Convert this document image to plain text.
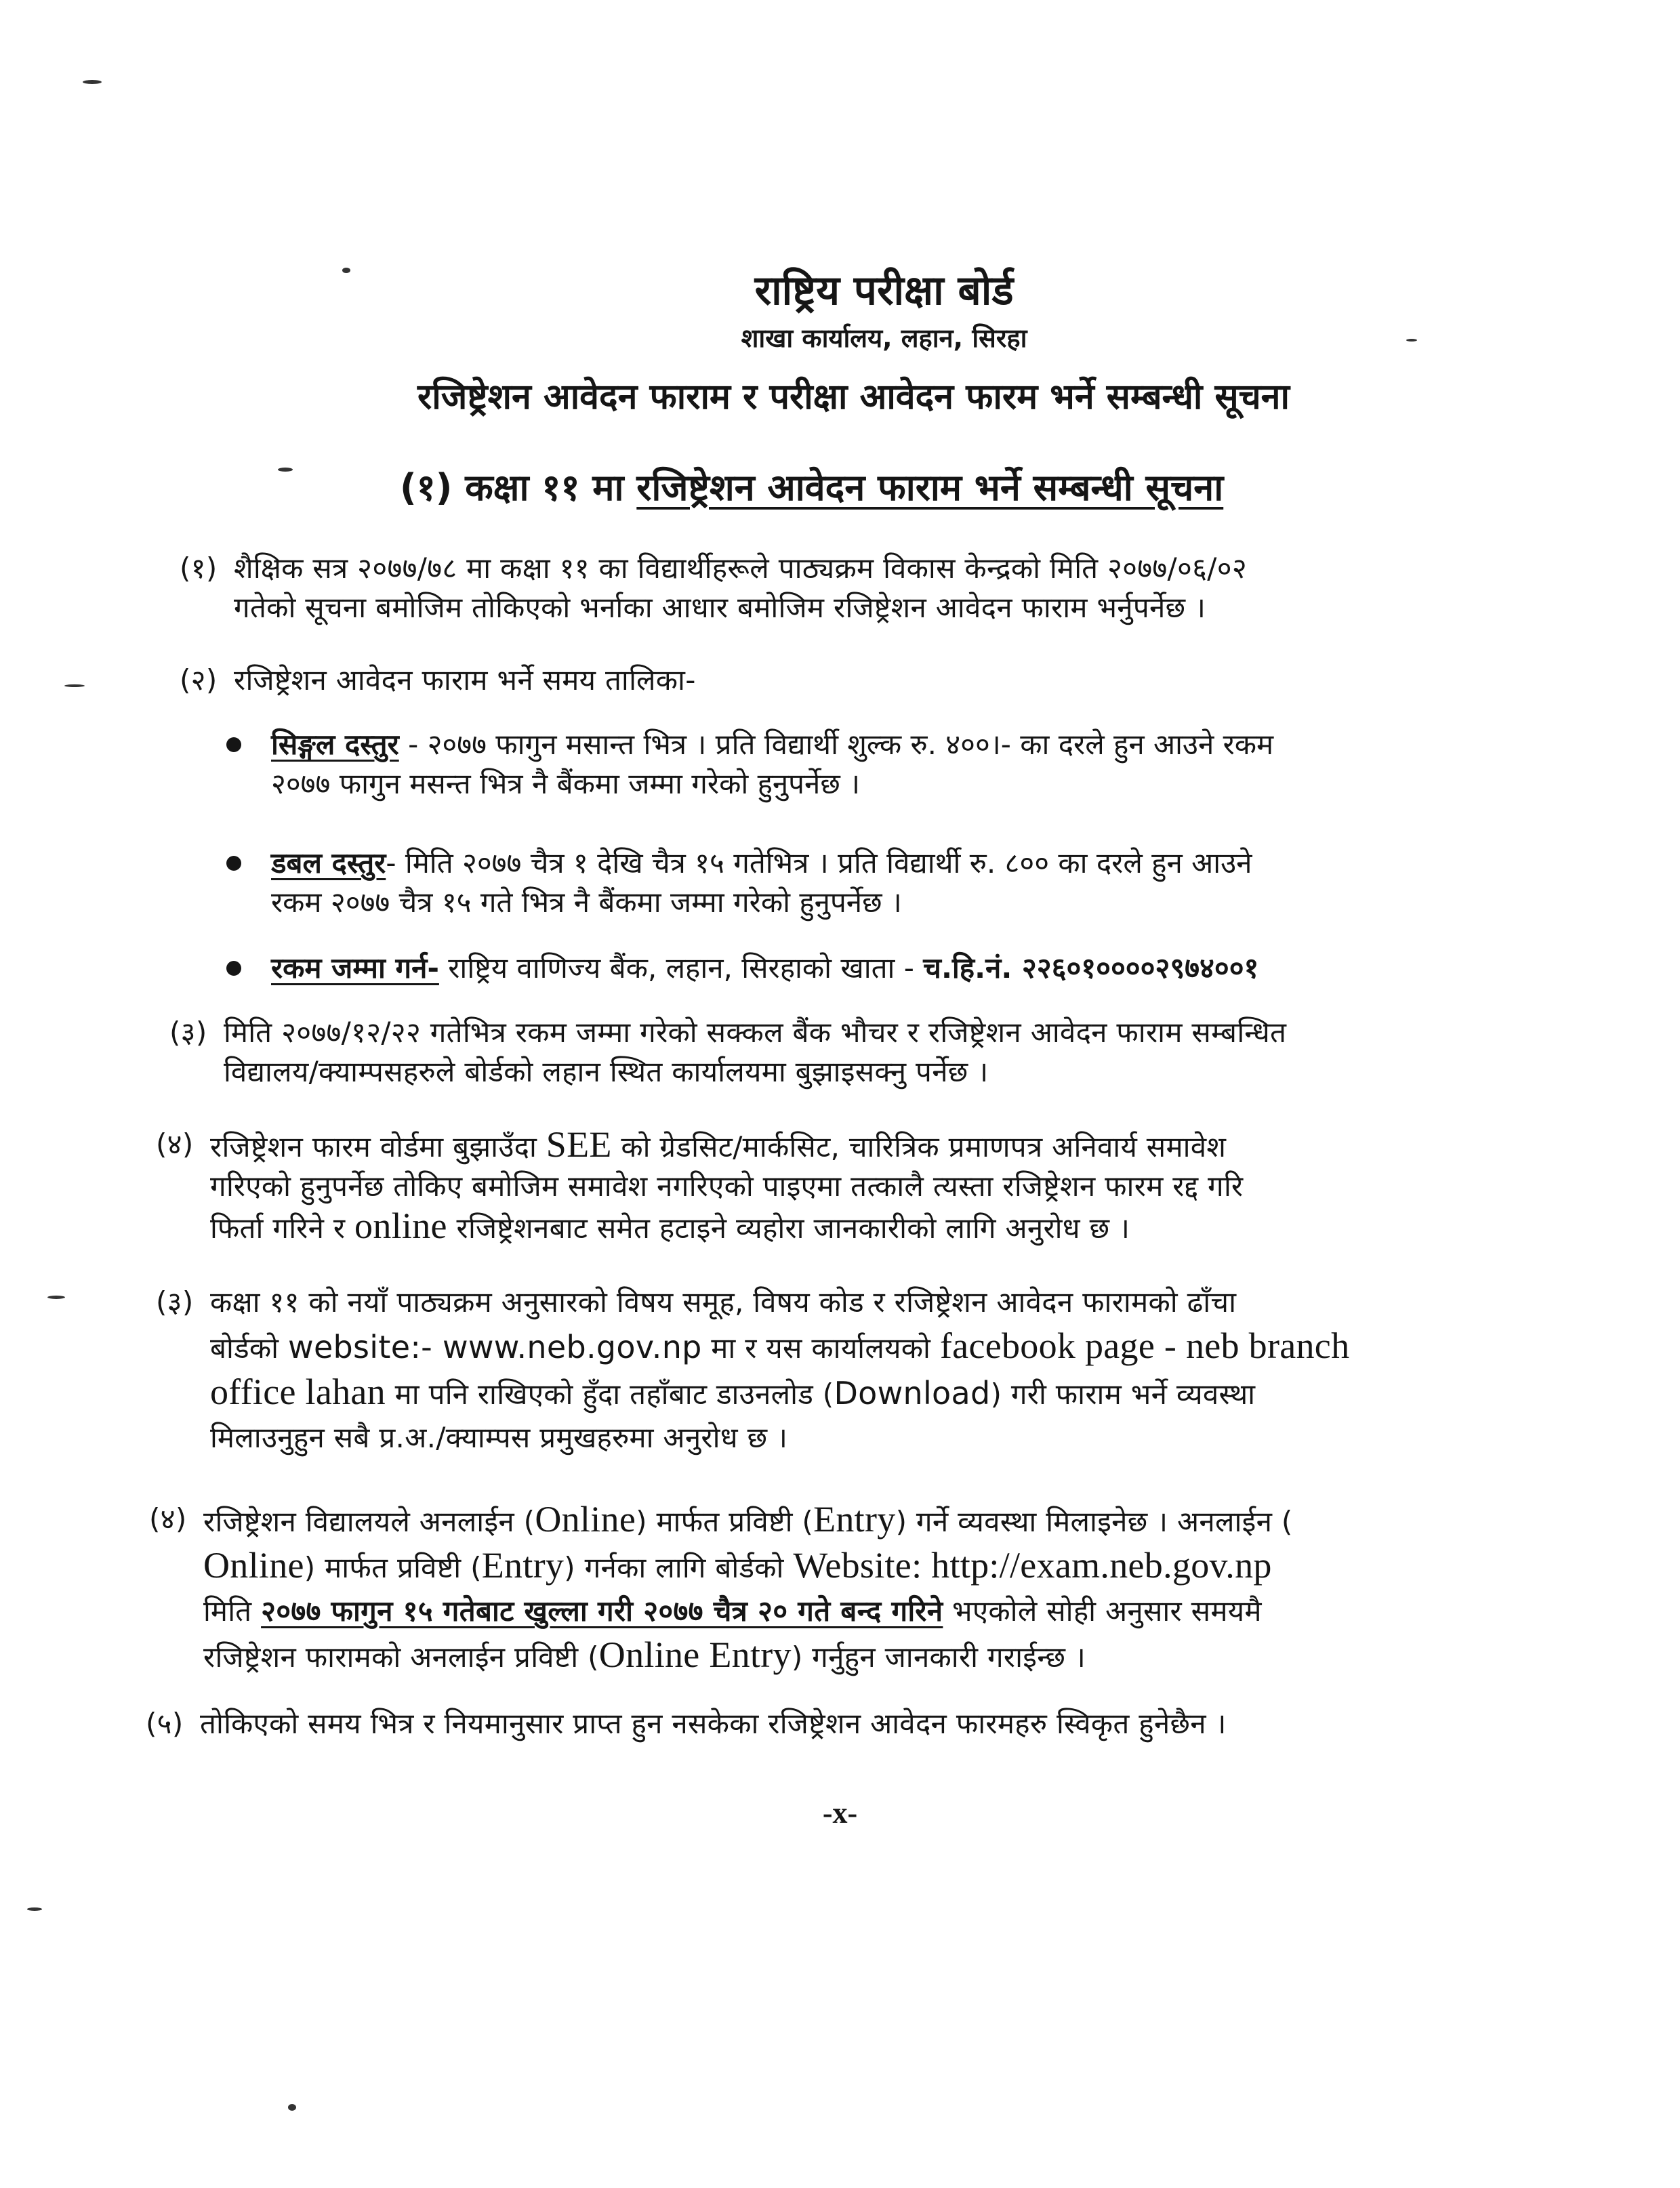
राष्ट्रिय परीक्षा बोर्ड
शाखा कार्यालय, लहान, सिरहा
रजिष्ट्रेशन आवेदन फाराम र परीक्षा आवेदन फारम भर्ने सम्बन्धी सूचना
(१) कक्षा ११ मा रजिष्ट्रेशन आवेदन फाराम भर्ने सम्बन्धी सूचना
(१) शैक्षिक सत्र २०७७/७८ मा कक्षा ११ का विद्यार्थीहरूले पाठ्यक्रम विकास केन्द्रको मिति २०७७/०६/०२
गतेको सूचना बमोजिम तोकिएको भर्नाका आधार बमोजिम रजिष्ट्रेशन आवेदन फाराम भर्नुपर्नेछ ।
(२) रजिष्ट्रेशन आवेदन फाराम भर्ने समय तालिका-
सिङ्गल दस्तुर - २०७७ फागुन मसान्त भित्र । प्रति विद्यार्थी शुल्क रु. ४००।- का दरले हुन आउने रकम
२०७७ फागुन मसन्त भित्र नै बैंकमा जम्मा गरेको हुनुपर्नेछ ।
डबल दस्तुर- मिति २०७७ चैत्र १ देखि चैत्र १५ गतेभित्र । प्रति विद्यार्थी रु. ८०० का दरले हुन आउने
रकम २०७७ चैत्र १५ गते भित्र नै बैंकमा जम्मा गरेको हुनुपर्नेछ ।
रकम जम्मा गर्न- राष्ट्रिय वाणिज्य बैंक, लहान, सिरहाको खाता - च.हि.नं. २२६०१००००२९७४००१
(३) मिति २०७७/१२/२२ गतेभित्र रकम जम्मा गरेको सक्कल बैंक भौचर र रजिष्ट्रेशन आवेदन फाराम सम्बन्धित
विद्यालय/क्याम्पसहरुले बोर्डको लहान स्थित कार्यालयमा बुझाइसक्नु पर्नेछ ।
(४) रजिष्ट्रेशन फारम वोर्डमा बुझाउँदा SEE को ग्रेडसिट/मार्कसिट, चारित्रिक प्रमाणपत्र अनिवार्य समावेश
गरिएको हुनुपर्नेछ तोकिए बमोजिम समावेश नगरिएको पाइएमा तत्कालै त्यस्ता रजिष्ट्रेशन फारम रद्द गरि
फिर्ता गरिने र online रजिष्ट्रेशनबाट समेत हटाइने व्यहोरा जानकारीको लागि अनुरोध छ ।
(३) कक्षा ११ को नयाँ पाठ्यक्रम अनुसारको विषय समूह, विषय कोड र रजिष्ट्रेशन आवेदन फारामको ढाँचा
बोर्डको website:- www.neb.gov.np मा र यस कार्यालयको facebook page - neb branch
office lahan मा पनि राखिएको हुँदा तहाँबाट डाउनलोड (Download) गरी फाराम भर्ने व्यवस्था
मिलाउनुहुन सबै प्र.अ./क्याम्पस प्रमुखहरुमा अनुरोध छ ।
(४) रजिष्ट्रेशन विद्यालयले अनलाईन (Online) मार्फत प्रविष्टी (Entry) गर्ने व्यवस्था मिलाइनेछ । अनलाईन (
Online) मार्फत प्रविष्टी (Entry) गर्नका लागि बोर्डको Website: http://exam.neb.gov.np
मिति २०७७ फागुन १५ गतेबाट खुल्ला गरी २०७७ चैत्र २० गते बन्द गरिने भएकोले सोही अनुसार समयमै
रजिष्ट्रेशन फारामको अनलाईन प्रविष्टी (Online Entry) गर्नुहुन जानकारी गराईन्छ ।
(५) तोकिएको समय भित्र र नियमानुसार प्राप्त हुन नसकेका रजिष्ट्रेशन आवेदन फारमहरु स्विकृत हुनेछैन ।
-x-
